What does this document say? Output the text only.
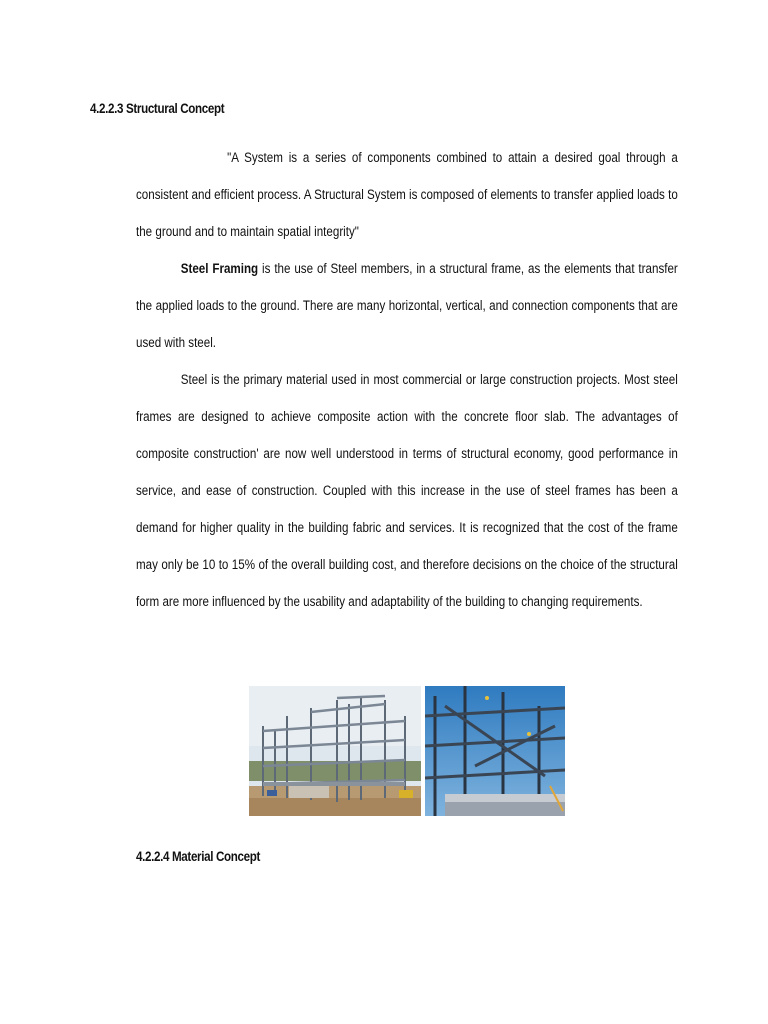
4.2.2.3 Structural Concept

"A System is a series of components combined to attain a desired goal through a consistent and efficient process. A Structural System is composed of elements to transfer applied loads to the ground and to maintain spatial integrity"

Steel Framing is the use of Steel members, in a structural frame, as the elements that transfer the applied loads to the ground. There are many horizontal, vertical, and connection components that are used with steel.

Steel is the primary material used in most commercial or large construction projects. Most steel frames are designed to achieve composite action with the concrete floor slab. The advantages of composite construction' are now well understood in terms of structural economy, good performance in service, and ease of construction. Coupled with this increase in the use of steel frames has been a demand for higher quality in the building fabric and services. It is recognized that the cost of the frame may only be 10 to 15% of the overall building cost, and therefore decisions on the choice of the structural form are more influenced by the usability and adaptability of the building to changing requirements.

4.2.2.4 Material Concept
